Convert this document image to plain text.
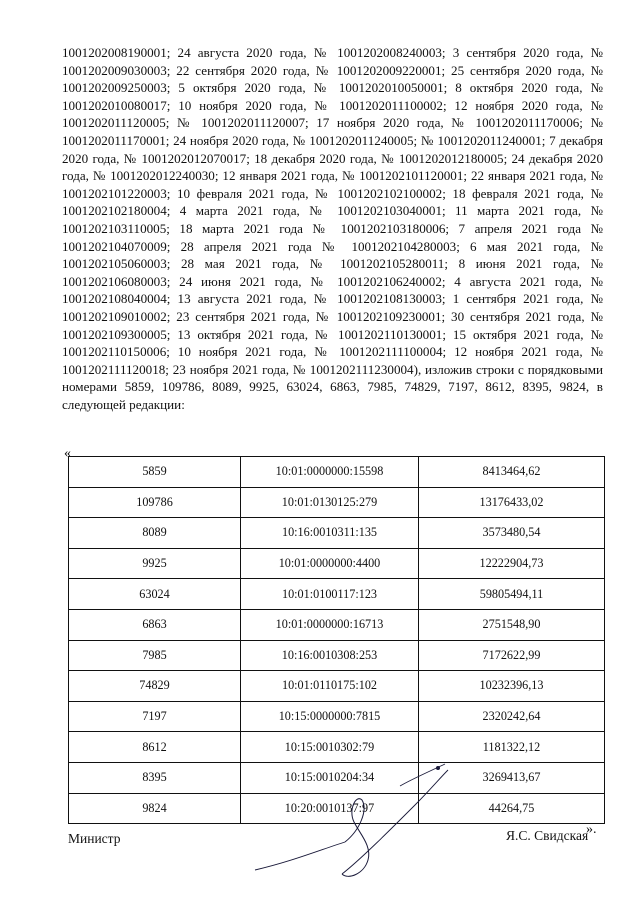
1001202008190001; 24 августа 2020 года, № 1001202008240003; 3 сентября 2020 года, № 1001202009030003; 22 сентября 2020 года, № 1001202009220001; 25 сентября 2020 года, № 1001202009250003; 5 октября 2020 года, № 1001202010050001; 8 октября 2020 года, № 1001202010080017; 10 ноября 2020 года, № 1001202011100002; 12 ноября 2020 года, № 1001202011120005; № 1001202011120007; 17 ноября 2020 года, № 1001202011170006; № 1001202011170001; 24 ноября 2020 года, № 1001202011240005; № 1001202011240001; 7 декабря 2020 года, № 1001202012070017; 18 декабря 2020 года, № 1001202012180005; 24 декабря 2020 года, № 1001202012240030; 12 января 2021 года, № 1001202101120001; 22 января 2021 года, № 1001202101220003; 10 февраля 2021 года, № 1001202102100002; 18 февраля 2021 года, № 1001202102180004; 4 марта 2021 года, № 1001202103040001; 11 марта 2021 года, № 1001202103110005; 18 марта 2021 года № 1001202103180006; 7 апреля 2021 года № 1001202104070009; 28 апреля 2021 года № 1001202104280003; 6 мая 2021 года, № 1001202105060003; 28 мая 2021 года, № 1001202105280011; 8 июня 2021 года, № 1001202106080003; 24 июня 2021 года, № 1001202106240002; 4 августа 2021 года, № 1001202108040004; 13 августа 2021 года, № 1001202108130003; 1 сентября 2021 года, № 1001202109010002; 23 сентября 2021 года, № 1001202109230001; 30 сентября 2021 года, № 1001202109300005; 13 октября 2021 года, № 1001202110130001; 15 октября 2021 года, № 1001202110150006; 10 ноября 2021 года, № 1001202111100004; 12 ноября 2021 года, № 1001202111120018; 23 ноября 2021 года, № 1001202111230004), изложив строки с порядковыми номерами 5859, 109786, 8089, 9925, 63024, 6863, 7985, 74829, 7197, 8612, 8395, 9824, в следующей редакции:
«
5859	10:01:0000000:15598	8413464,62
109786	10:01:0130125:279	13176433,02
8089	10:16:0010311:135	3573480,54
9925	10:01:0000000:4400	12222904,73
63024	10:01:0100117:123	59805494,11
6863	10:01:0000000:16713	2751548,90
7985	10:16:0010308:253	7172622,99
74829	10:01:0110175:102	10232396,13
7197	10:15:0000000:7815	2320242,64
8612	10:15:0010302:79	1181322,12
8395	10:15:0010204:34	3269413,67
9824	10:20:0010137:97	44264,75
».
Министр	Я.С. Свидская
